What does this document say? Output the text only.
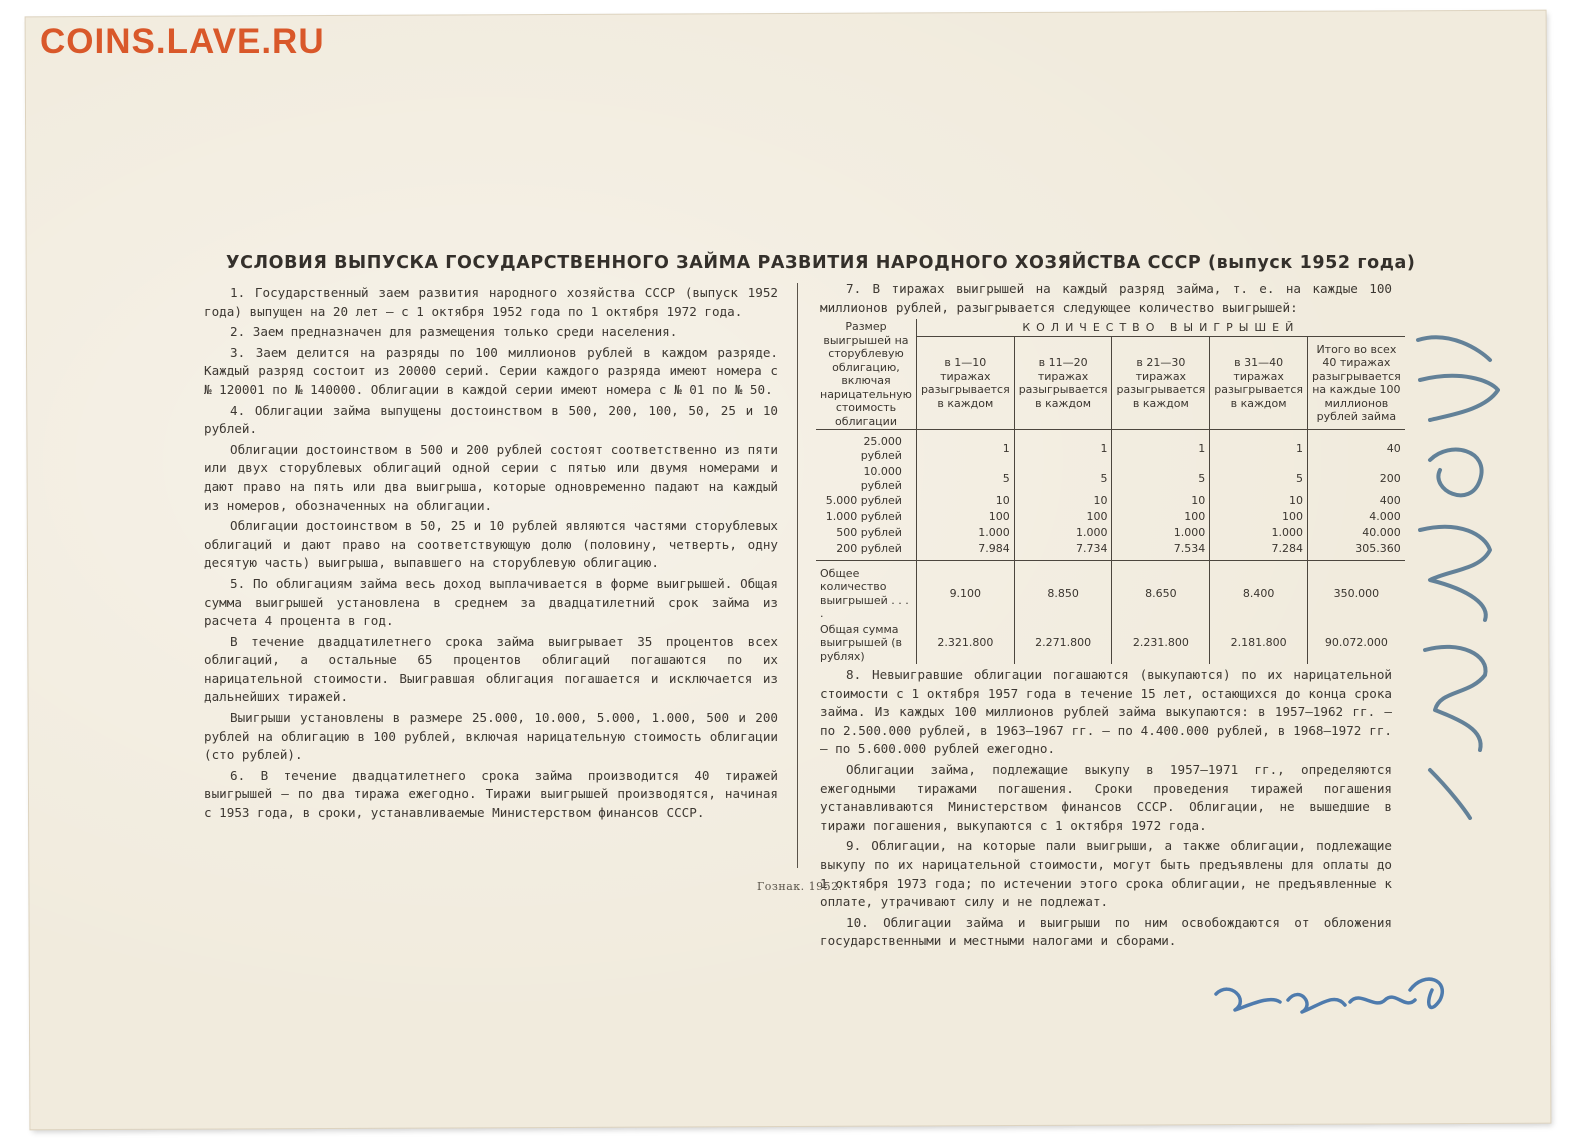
COINS.LAVE.RU
УСЛОВИЯ ВЫПУСКА ГОСУДАРСТВЕННОГО ЗАЙМА РАЗВИТИЯ НАРОДНОГО ХОЗЯЙСТВА СССР (выпуск 1952 года)

1. Государственный заем развития народного хозяйства СССР (выпуск 1952 года) выпущен на 20 лет — с 1 октября 1952 года по 1 октября 1972 года.

2. Заем предназначен для размещения только среди населения.

3. Заем делится на разряды по 100 миллионов рублей в каждом разряде. Каждый разряд состоит из 20000 серий. Серии каждого разряда имеют номера с № 120001 по № 140000. Облигации в каждой серии имеют номера с № 01 по № 50.

4. Облигации займа выпущены достоинством в 500, 200, 100, 50, 25 и 10 рублей.

Облигации достоинством в 500 и 200 рублей состоят соответственно из пяти или двух сторублевых облигаций одной серии с пятью или двумя номерами и дают право на пять или два выигрыша, которые одновременно падают на каждый из номеров, обозначенных на облигации.

Облигации достоинством в 50, 25 и 10 рублей являются частями сторублевых облигаций и дают право на соответствующую долю (половину, четверть, одну десятую часть) выигрыша, выпавшего на сторублевую облигацию.

5. По облигациям займа весь доход выплачивается в форме выигрышей. Общая сумма выигрышей установлена в среднем за двадцатилетний срок займа из расчета 4 процента в год.

В течение двадцатилетнего срока займа выигрывает 35 процентов всех облигаций, а остальные 65 процентов облигаций погашаются по их нарицательной стоимости. Выигравшая облигация погашается и исключается из дальнейших тиражей.

Выигрыши установлены в размере 25.000, 10.000, 5.000, 1.000, 500 и 200 рублей на облигацию в 100 рублей, включая нарицательную стоимость облигации (сто рублей).

6. В течение двадцатилетнего срока займа производится 40 тиражей выигрышей — по два тиража ежегодно. Тиражи выигрышей производятся, начиная с 1953 года, в сроки, устанавливаемые Министерством финансов СССР.

7. В тиражах выигрышей на каждый разряд займа, т. е. на каждые 100 миллионов рублей, разыгрывается следующее количество выигрышей:

Размер выигрышей на сторублевую облигацию, включая нарицательную стоимость облигации	КОЛИЧЕСТВО ВЫИГРЫШЕЙ				
	в 1—10 тиражах разыгрывается в каждом	в 11—20 тиражах разыгрывается в каждом	в 21—30 тиражах разыгрывается в каждом	в 31—40 тиражах разыгрывается в каждом	Итого во всех 40 тиражах разыгрывается на каждые 100 миллионов рублей займа
25.000 рублей	1	1	1	1	40
10.000 рублей	5	5	5	5	200
5.000 рублей	10	10	10	10	400
1.000 рублей	100	100	100	100	4.000
500 рублей	1.000	1.000	1.000	1.000	40.000
200 рублей	7.984	7.734	7.534	7.284	305.360
Общее количество выигрышей . . . .	9.100	8.850	8.650	8.400	350.000
Общая сумма выигрышей (в рублях)	2.321.800	2.271.800	2.231.800	2.181.800	90.072.000

8. Невыигравшие облигации погашаются (выкупаются) по их нарицательной стоимости с 1 октября 1957 года в течение 15 лет, остающихся до конца срока займа. Из каждых 100 миллионов рублей займа выкупаются: в 1957—1962 гг. — по 2.500.000 рублей, в 1963—1967 гг. — по 4.400.000 рублей, в 1968—1972 гг. — по 5.600.000 рублей ежегодно.

Облигации займа, подлежащие выкупу в 1957—1971 гг., определяются ежегодными тиражами погашения. Сроки проведения тиражей погашения устанавливаются Министерством финансов СССР. Облигации, не вышедшие в тиражи погашения, выкупаются с 1 октября 1972 года.

9. Облигации, на которые пали выигрыши, а также облигации, подлежащие выкупу по их нарицательной стоимости, могут быть предъявлены для оплаты до 1 октября 1973 года; по истечении этого срока облигации, не предъявленные к оплате, утрачивают силу и не подлежат.

10. Облигации займа и выигрыши по ним освобождаются от обложения государственными и местными налогами и сборами.

Гознак. 1952.
